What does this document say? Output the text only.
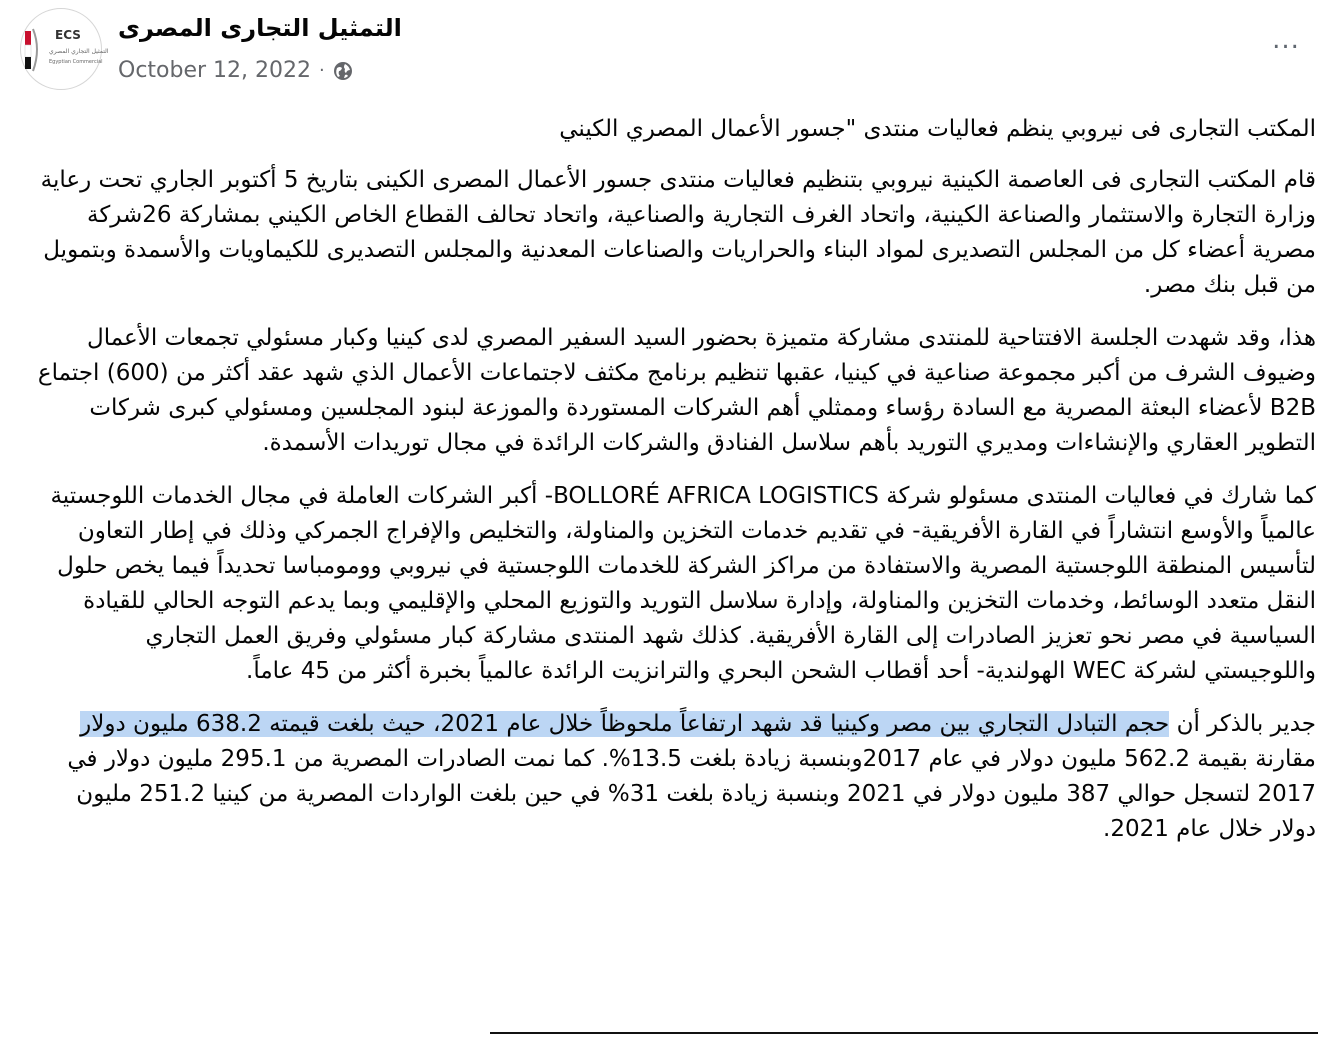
ECS
التمثيل التجاري المصري
Egyptian Commercial
التمثيل التجارى المصرى
October 12, 2022 ·
...

المكتب التجارى فى نيروبي ينظم فعاليات منتدى "جسور الأعمال المصري الكيني

قام المكتب التجارى فى العاصمة الكينية نيروبي بتنظيم فعاليات منتدى جسور الأعمال المصرى الكينى بتاريخ 5 أكتوبر الجاري تحت رعاية وزارة التجارة والاستثمار والصناعة الكينية، واتحاد الغرف التجارية والصناعية، واتحاد تحالف القطاع الخاص الكيني بمشاركة 26شركة مصرية أعضاء كل من المجلس التصديرى لمواد البناء والحراريات والصناعات المعدنية والمجلس التصديرى للكيماويات والأسمدة وبتمويل من قبل بنك مصر.

هذا، وقد شهدت الجلسة الافتتاحية للمنتدى مشاركة متميزة بحضور السيد السفير المصري لدى كينيا وكبار مسئولي تجمعات الأعمال وضيوف الشرف من أكبر مجموعة صناعية في كينيا، عقبها تنظيم برنامج مكثف لاجتماعات الأعمال الذي شهد عقد أكثر من (600) اجتماع B2B لأعضاء البعثة المصرية مع السادة رؤساء وممثلي أهم الشركات المستوردة والموزعة لبنود المجلسين ومسئولي كبرى شركات التطوير العقاري والإنشاءات ومديري التوريد بأهم سلاسل الفنادق والشركات الرائدة في مجال توريدات الأسمدة.

كما شارك في فعاليات المنتدى مسئولو شركة BOLLORÉ AFRICA LOGISTICS- أكبر الشركات العاملة في مجال الخدمات اللوجستية عالمياً والأوسع انتشاراً في القارة الأفريقية- في تقديم خدمات التخزين والمناولة، والتخليص والإفراج الجمركي وذلك في إطار التعاون لتأسيس المنطقة اللوجستية المصرية والاستفادة من مراكز الشركة للخدمات اللوجستية في نيروبي وومومباسا تحديداً فيما يخص حلول النقل متعدد الوسائط، وخدمات التخزين والمناولة، وإدارة سلاسل التوريد والتوزيع المحلي والإقليمي وبما يدعم التوجه الحالي للقيادة السياسية في مصر نحو تعزيز الصادرات إلى القارة الأفريقية. كذلك شهد المنتدى مشاركة كبار مسئولي وفريق العمل التجاري واللوجيستي لشركة WEC الهولندية- أحد أقطاب الشحن البحري والترانزيت الرائدة عالمياً بخبرة أكثر من 45 عاماً.

جدير بالذكر أن حجم التبادل التجاري بين مصر وكينيا قد شهد ارتفاعاً ملحوظاً خلال عام 2021، حيث بلغت قيمته 638.2 مليون دولار مقارنة بقيمة 562.2 مليون دولار في عام 2017وبنسبة زيادة بلغت 13.5%. كما نمت الصادرات المصرية من 295.1 مليون دولار في 2017 لتسجل حوالي 387 مليون دولار في 2021 وبنسبة زيادة بلغت 31% في حين بلغت الواردات المصرية من كينيا 251.2 مليون دولار خلال عام 2021.
